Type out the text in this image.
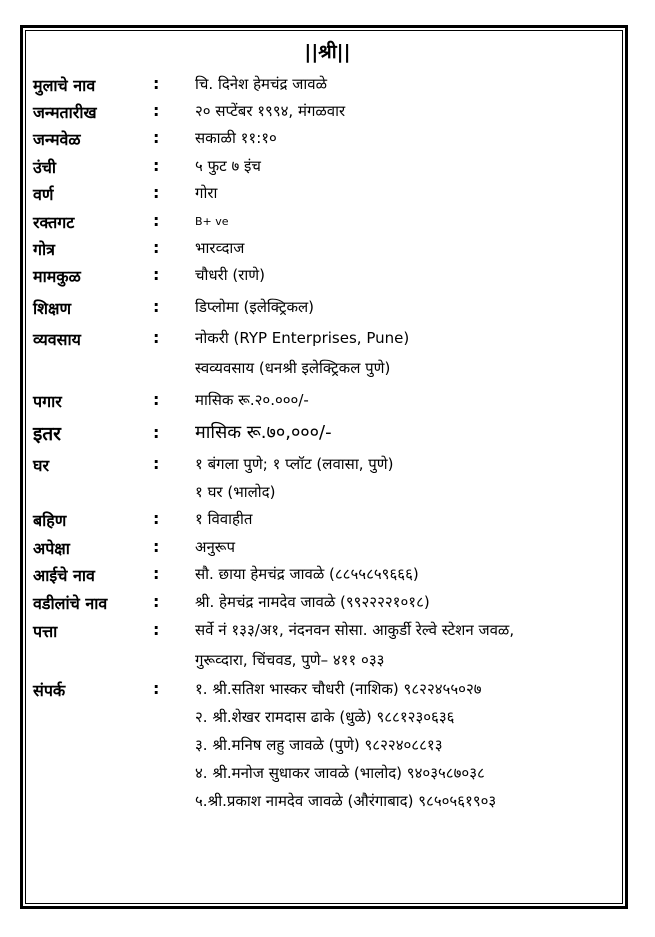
||श्री||
मुलाचे नाव	: चि. दिनेश हेमचंद्र जावळे
जन्मतारीख	: २० सप्टेंबर १९९४, मंगळवार
जन्मवेळ	: सकाळी ११:१०
उंची	: ५ फुट ७ इंच
वर्ण	: गोरा
रक्तगट	:	B+ ve
गोत्र	: भारव्दाज
मामकुळ	: चौधरी (राणे)
शिक्षण	: डिप्लोमा (इलेक्ट्रिकल)
व्यवसाय	: नोकरी (RYP Enterprises, Pune)
स्वव्यवसाय (धनश्री इलेक्ट्रिकल पुणे)
पगार	: मासिक रू.२०.०००/-
इतर	: मासिक रू.७०,०००/-
घर	: १ बंगला पुणे; १ प्लॉट (लवासा, पुणे)
१ घर (भालोद)
बहिण	: १ विवाहीत
अपेक्षा	: अनुरूप
आईचे नाव	: सौ. छाया हेमचंद्र जावळे (८८५५८५९६६६)
वडीलांचे नाव	: श्री. हेमचंद्र नामदेव जावळे (९९२२२२१०१८)
पत्ता	: सर्वे नं १३३/अ१, नंदनवन सोसा. आकुर्डी रेल्वे स्टेशन जवळ,
गुरूव्दारा, चिंचवड, पुणे– ४११ ०३३
संपर्क	: १. श्री.सतिश भास्कर चौधरी (नाशिक) ९८२२४५५०२७
२. श्री.शेखर रामदास ढाके (धुळे) ९८८१२३०६३६
३. श्री.मनिष लहु जावळे (पुणे) ९८२२४०८८१३
४. श्री.मनोज सुधाकर जावळे (भालोद) ९४०३५८७०३८
५.श्री.प्रकाश नामदेव जावळे (औरंगाबाद) ९८५०५६१९०३
